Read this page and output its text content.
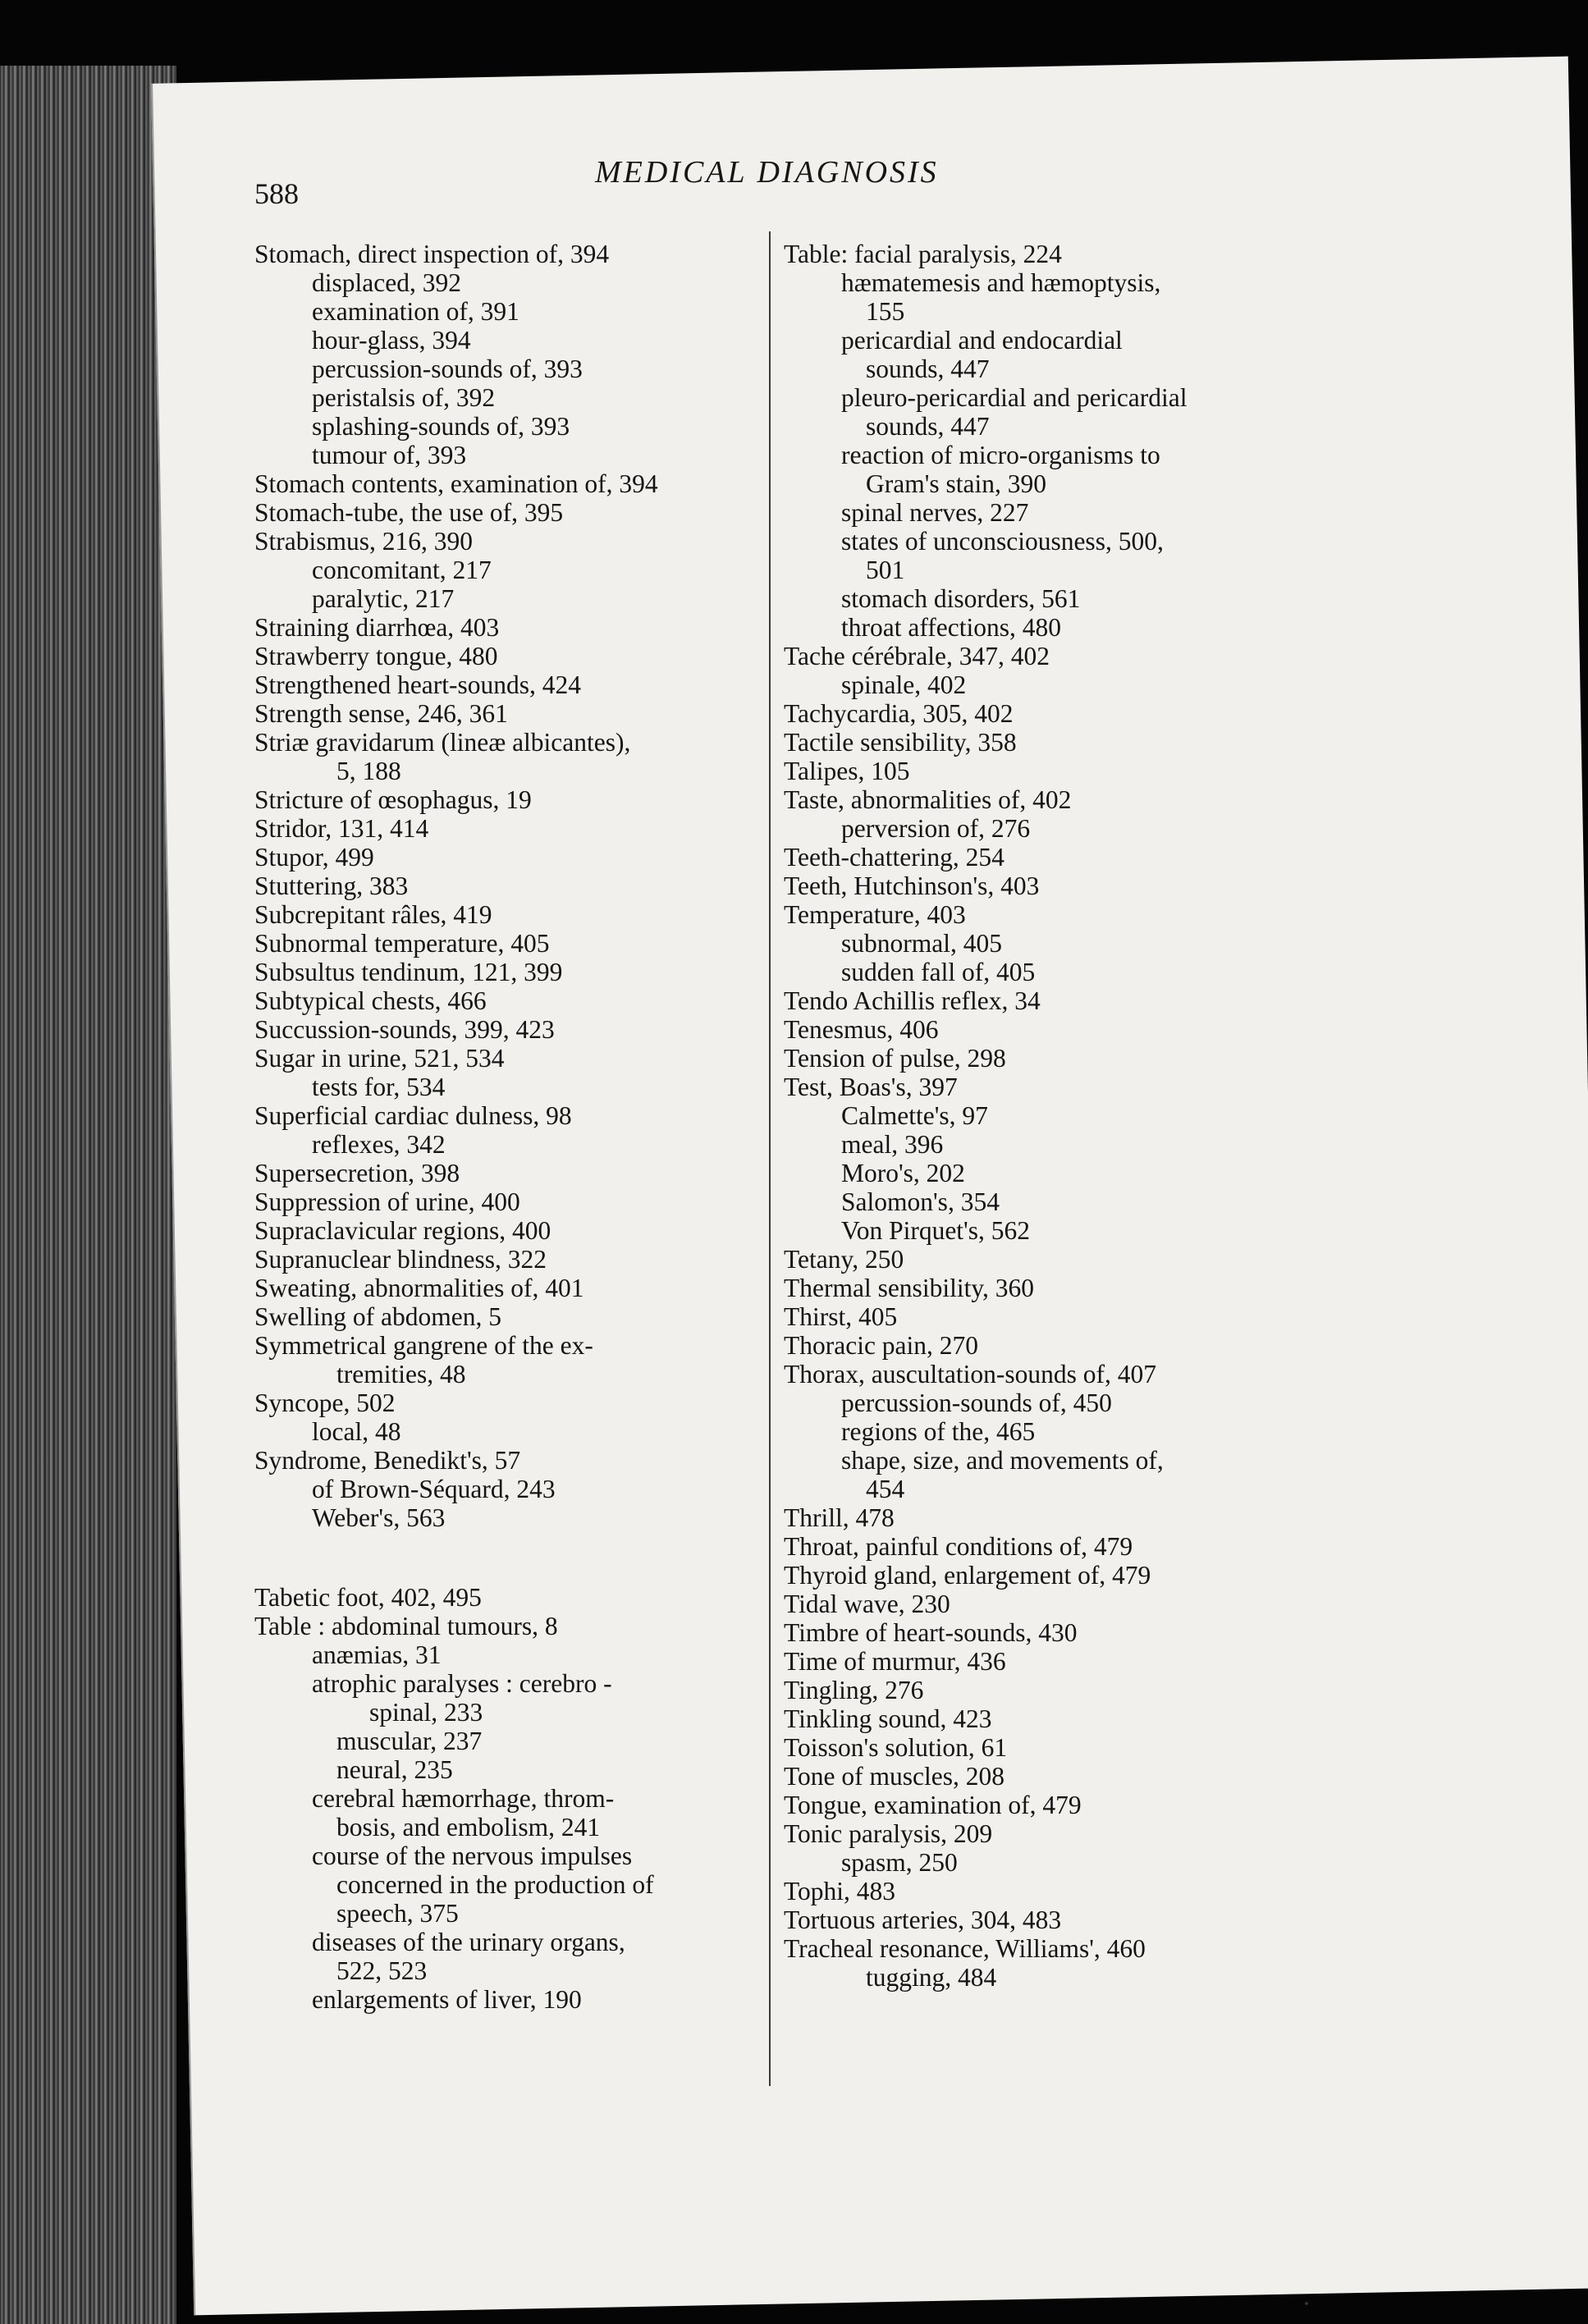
588
MEDICAL DIAGNOSIS
Stomach, direct inspection of, 394
displaced, 392
examination of, 391
hour-glass, 394
percussion-sounds of, 393
peristalsis of, 392
splashing-sounds of, 393
tumour of, 393
Stomach contents, examination of, 394
Stomach-tube, the use of, 395
Strabismus, 216, 390
concomitant, 217
paralytic, 217
Straining diarrhœa, 403
Strawberry tongue, 480
Strengthened heart-sounds, 424
Strength sense, 246, 361
Striæ gravidarum (lineæ albicantes),
5, 188
Stricture of œsophagus, 19
Stridor, 131, 414
Stupor, 499
Stuttering, 383
Subcrepitant râles, 419
Subnormal temperature, 405
Subsultus tendinum, 121, 399
Subtypical chests, 466
Succussion-sounds, 399, 423
Sugar in urine, 521, 534
tests for, 534
Superficial cardiac dulness, 98
reflexes, 342
Supersecretion, 398
Suppression of urine, 400
Supraclavicular regions, 400
Supranuclear blindness, 322
Sweating, abnormalities of, 401
Swelling of abdomen, 5
Symmetrical gangrene of the ex-
tremities, 48
Syncope, 502
local, 48
Syndrome, Benedikt's, 57
of Brown-Séquard, 243
Weber's, 563
Tabetic foot, 402, 495
Table : abdominal tumours, 8
anæmias, 31
atrophic paralyses : cerebro -
spinal, 233
muscular, 237
neural, 235
cerebral hæmorrhage, throm-
bosis, and embolism, 241
course of the nervous impulses
concerned in the production of
speech, 375
diseases of the urinary organs,
522, 523
enlargements of liver, 190
Table: facial paralysis, 224
hæmatemesis and hæmoptysis,
155
pericardial and endocardial
sounds, 447
pleuro-pericardial and pericardial
sounds, 447
reaction of micro-organisms to
Gram's stain, 390
spinal nerves, 227
states of unconsciousness, 500,
501
stomach disorders, 561
throat affections, 480
Tache cérébrale, 347, 402
spinale, 402
Tachycardia, 305, 402
Tactile sensibility, 358
Talipes, 105
Taste, abnormalities of, 402
perversion of, 276
Teeth-chattering, 254
Teeth, Hutchinson's, 403
Temperature, 403
subnormal, 405
sudden fall of, 405
Tendo Achillis reflex, 34
Tenesmus, 406
Tension of pulse, 298
Test, Boas's, 397
Calmette's, 97
meal, 396
Moro's, 202
Salomon's, 354
Von Pirquet's, 562
Tetany, 250
Thermal sensibility, 360
Thirst, 405
Thoracic pain, 270
Thorax, auscultation-sounds of, 407
percussion-sounds of, 450
regions of the, 465
shape, size, and movements of,
454
Thrill, 478
Throat, painful conditions of, 479
Thyroid gland, enlargement of, 479
Tidal wave, 230
Timbre of heart-sounds, 430
Time of murmur, 436
Tingling, 276
Tinkling sound, 423
Toisson's solution, 61
Tone of muscles, 208
Tongue, examination of, 479
Tonic paralysis, 209
spasm, 250
Tophi, 483
Tortuous arteries, 304, 483
Tracheal resonance, Williams', 460
tugging, 484
